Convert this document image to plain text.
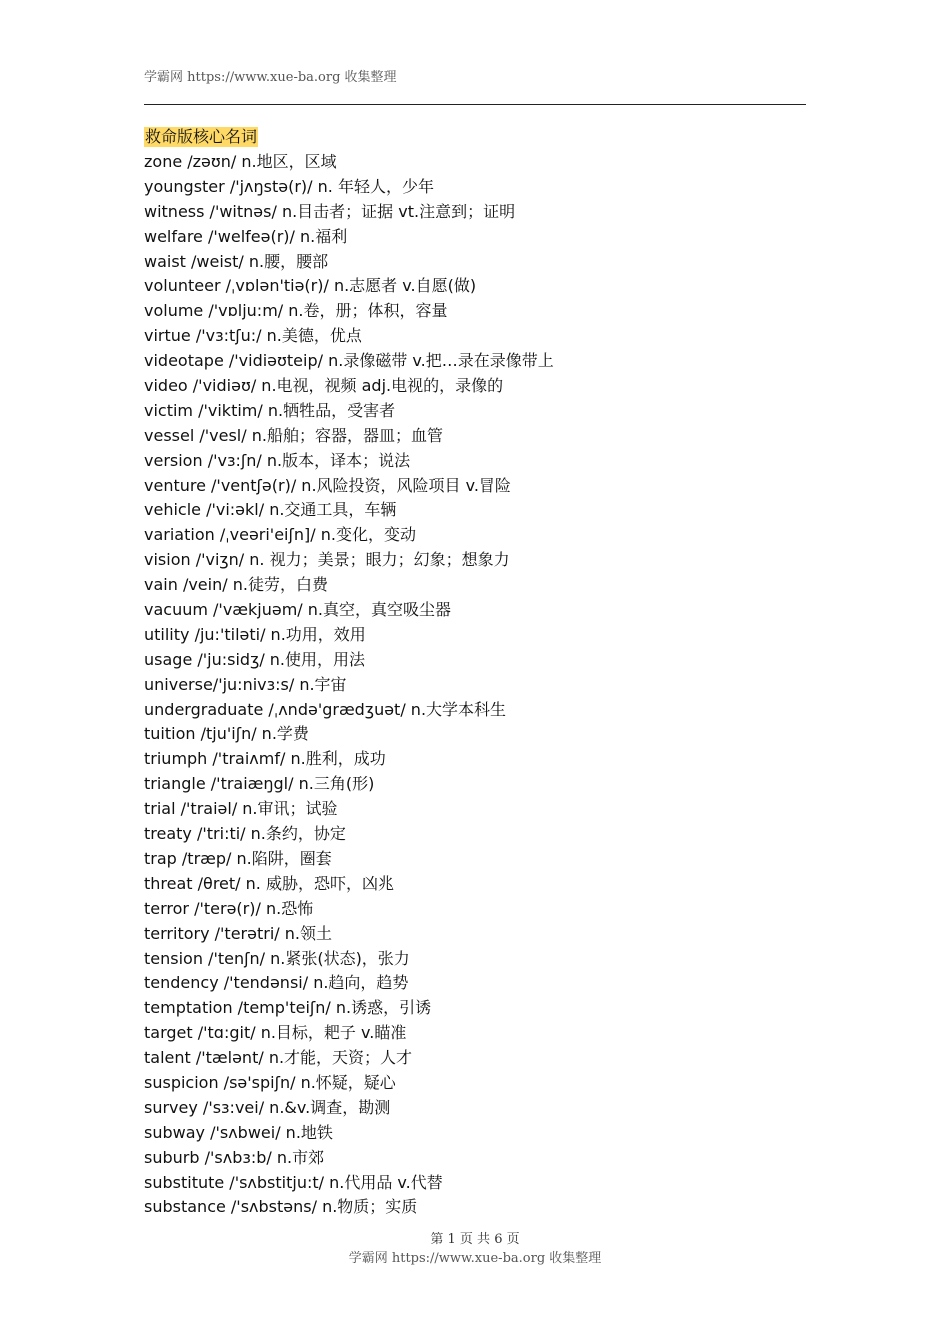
学霸网 https://www.xue-ba.org 收集整理
救命版核心名词
zone /zəʊn/ n.地区，区域
youngster /'jʌŋstə(r)/ n. 年轻人，少年
witness /'witnəs/ n.目击者；证据 vt.注意到；证明
welfare /'welfeə(r)/ n.福利
waist /weist/ n.腰，腰部
volunteer /ˌvɒlən'tiə(r)/ n.志愿者 v.自愿(做)
volume /'vɒlju:m/ n.卷，册；体积，容量
virtue /'vɜ:tʃu:/ n.美德，优点
videotape /'vidiəʊteip/ n.录像磁带 v.把…录在录像带上
video /'vidiəʊ/ n.电视，视频 adj.电视的，录像的
victim /'viktim/ n.牺牲品，受害者
vessel /'vesl/ n.船舶；容器，器皿；血管
version /'vɜ:ʃn/ n.版本，译本；说法
venture /'ventʃə(r)/ n.风险投资，风险项目 v.冒险
vehicle /'vi:əkl/ n.交通工具，车辆
variation /ˌveəri'eiʃn]/ n.变化，变动
vision /'viʒn/ n. 视力；美景；眼力；幻象；想象力
vain /vein/ n.徒劳，白费
vacuum /'vækjuəm/ n.真空，真空吸尘器
utility /ju:'tiləti/ n.功用，效用
usage /'ju:sidʒ/ n.使用，用法
universe/'ju:nivɜ:s/ n.宇宙
undergraduate /ˌʌndə'grædʒuət/ n.大学本科生
tuition /tju'iʃn/ n.学费
triumph /'traiʌmf/ n.胜利，成功
triangle /'traiæŋgl/ n.三角(形)
trial /'traiəl/ n.审讯；试验
treaty /'tri:ti/ n.条约，协定
trap /træp/ n.陷阱，圈套
threat /θret/ n. 威胁，恐吓，凶兆
terror /'terə(r)/ n.恐怖
territory /'terətri/ n.领土
tension /'tenʃn/ n.紧张(状态)，张力
tendency /'tendənsi/ n.趋向，趋势
temptation /temp'teiʃn/ n.诱惑，引诱
target /'tɑ:git/ n.目标，耙子 v.瞄准
talent /'tælənt/ n.才能，天资；人才
suspicion /sə'spiʃn/ n.怀疑，疑心
survey /'sɜ:vei/ n.&v.调查，勘测
subway /'sʌbwei/ n.地铁
suburb /'sʌbɜ:b/ n.市郊
substitute /'sʌbstitju:t/ n.代用品 v.代替
substance /'sʌbstəns/ n.物质；实质
第 1 页 共 6 页
学霸网 https://www.xue-ba.org 收集整理
